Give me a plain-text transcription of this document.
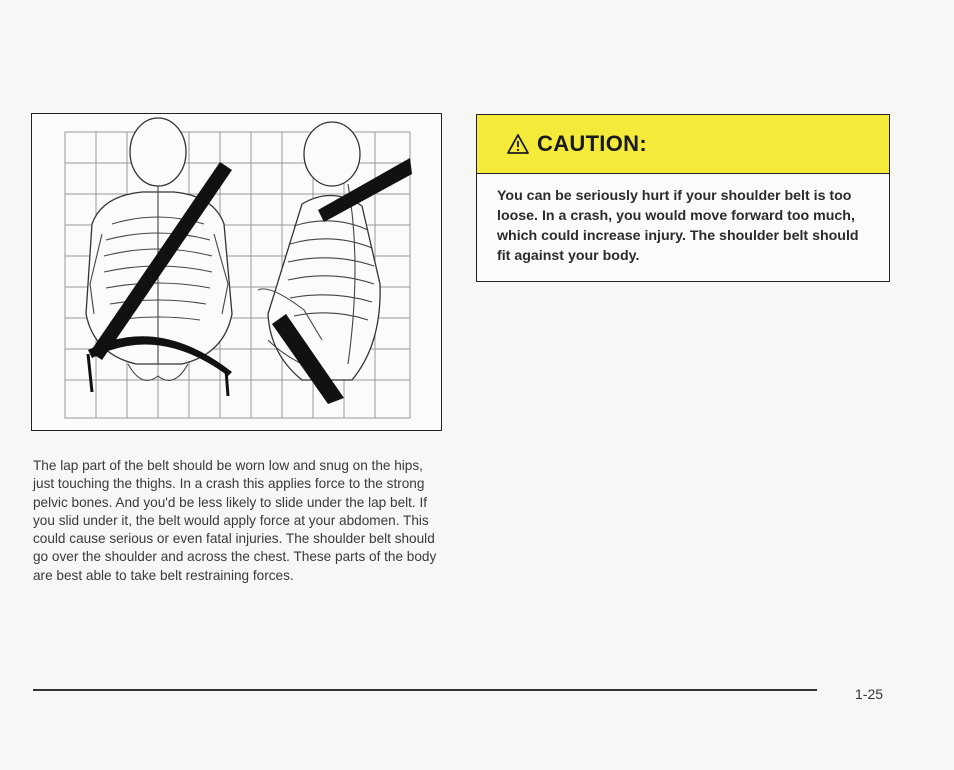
CAUTION:
You can be seriously hurt if your shoulder belt is too loose. In a crash, you would move forward too much, which could increase injury. The shoulder belt should fit against your body.
The lap part of the belt should be worn low and snug on the hips, just touching the thighs. In a crash this applies force to the strong pelvic bones. And you'd be less likely to slide under the lap belt. If you slid under it, the belt would apply force at your abdomen. This could cause serious or even fatal injuries. The shoulder belt should go over the shoulder and across the chest. These parts of the body are best able to take belt restraining forces.
1-25
